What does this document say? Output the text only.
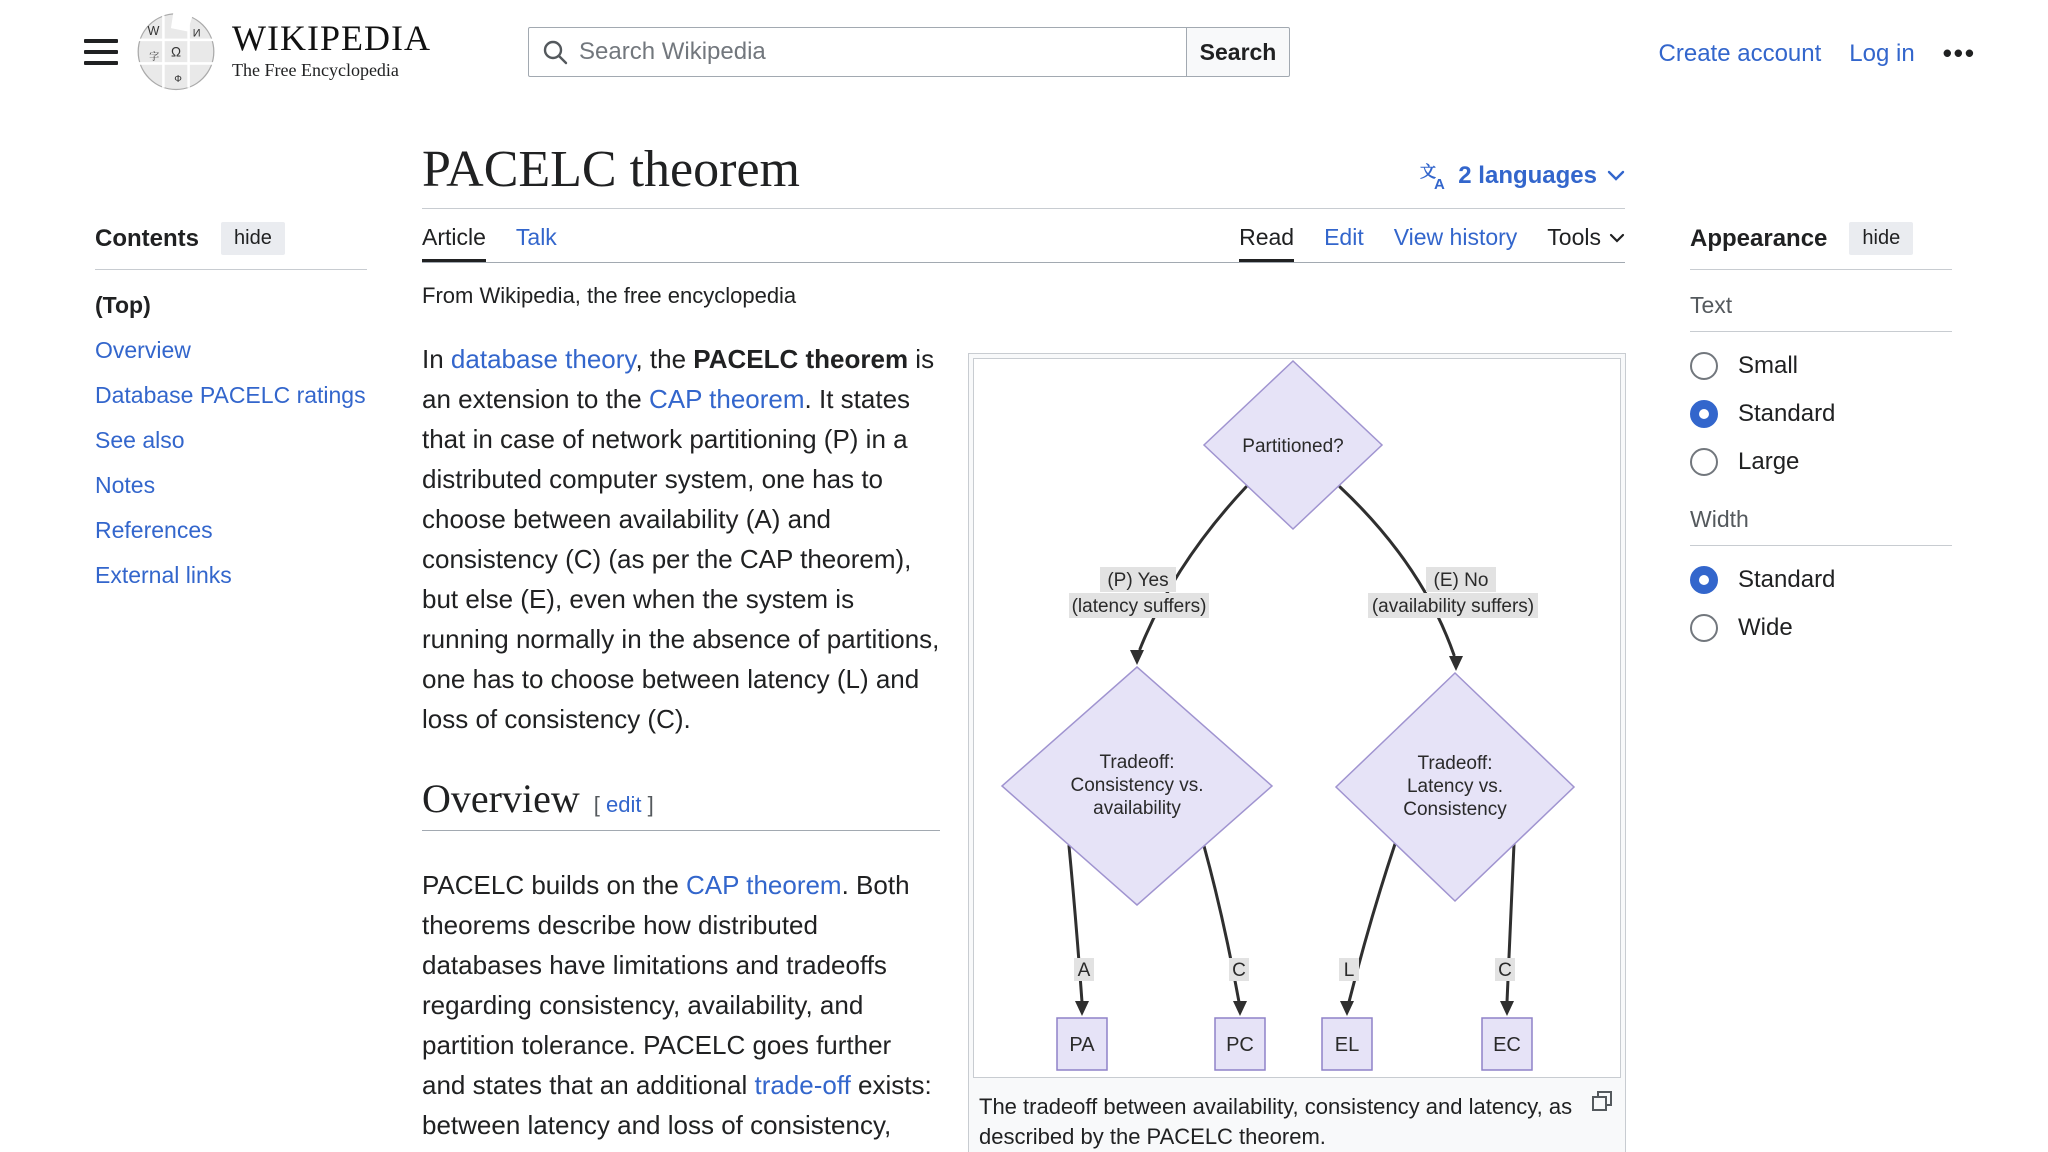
W
Ω
И
字
Ф
WIKIPEDIA
The Free Encyclopedia
Search Wikipedia
Search	Create account Log in •••
Contents	hide
(Top)
Overview
Database PACELC ratings
See also
Notes
References
External links
PACELC theorem	文
A 2 languages
Article Talk	Read Edit View history Tools
From Wikipedia, the free encyclopedia

In database theory, the PACELC theorem is an extension to the CAP theorem. It states that in case of network partitioning (P) in a distributed computer system, one has to choose between availability (A) and consistency (C) (as per the CAP theorem), but else (E), even when the system is running normally in the absence of partitions, one has to choose between latency (L) and loss of consistency (C).

Overview [ edit ]

PACELC builds on the CAP theorem. Both theorems describe how distributed databases have limitations and tradeoffs regarding consistency, availability, and partition tolerance. PACELC goes further and states that an additional trade-off exists: between latency and loss of consistency,

Partitioned?
Tradeoff:
Consistency vs.
availability
Tradeoff:
Latency vs.
Consistency
(P) Yes
(latency suffers)
(E) No
(availability suffers)
A	C	L	C
PA	PC	EL	EC
The tradeoff between availability, consistency and latency, as described by the PACELC theorem.
Appearance	hide
Text
Small
Standard
Large
Width
Standard
Wide
